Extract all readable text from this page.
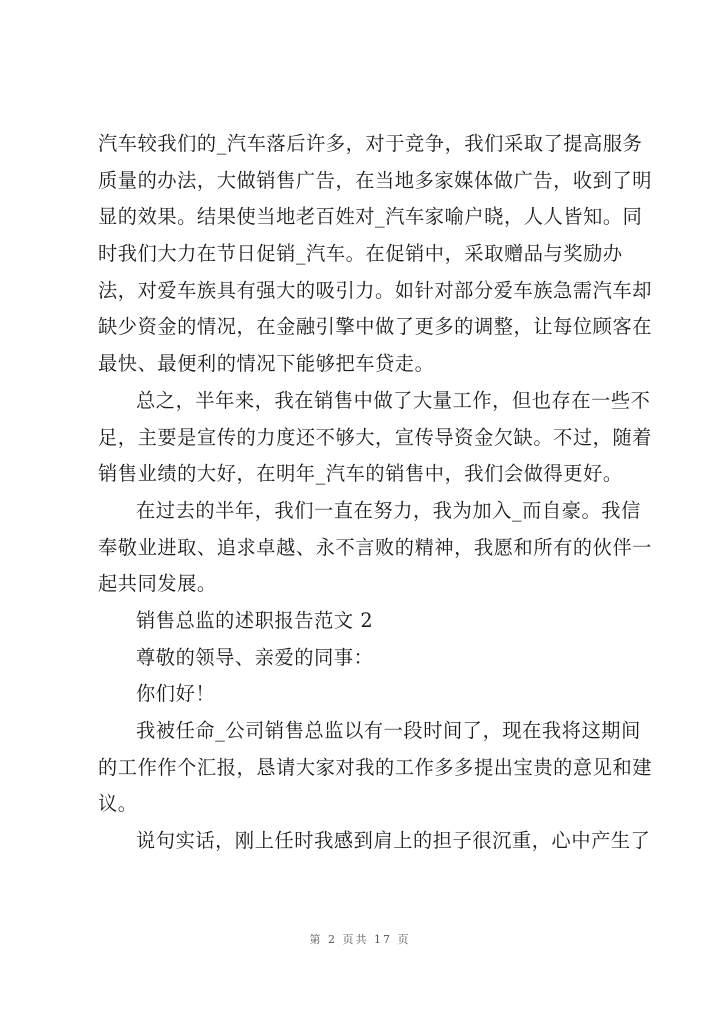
汽车较我们的_汽车落后许多，对于竞争，我们采取了提高服务
质量的办法，大做销售广告，在当地多家媒体做广告，收到了明
显的效果。结果使当地老百姓对_汽车家喻户晓，人人皆知。同
时我们大力在节日促销_汽车。在促销中，采取赠品与奖励办
法，对爱车族具有强大的吸引力。如针对部分爱车族急需汽车却
缺少资金的情况，在金融引擎中做了更多的调整，让每位顾客在
最快、最便利的情况下能够把车贷走。
总之，半年来，我在销售中做了大量工作，但也存在一些不
足，主要是宣传的力度还不够大，宣传导资金欠缺。不过，随着
销售业绩的大好，在明年_汽车的销售中，我们会做得更好。
在过去的半年，我们一直在努力，我为加入_而自豪。我信
奉敬业进取、追求卓越、永不言败的精神，我愿和所有的伙伴一
起共同发展。
销售总监的述职报告范文 2
尊敬的领导、亲爱的同事：
你们好！
我被任命_公司销售总监以有一段时间了，现在我将这期间
的工作作个汇报，恳请大家对我的工作多多提出宝贵的意见和建
议。
说句实话，刚上任时我感到肩上的担子很沉重，心中产生了
第 2 页共 17 页
